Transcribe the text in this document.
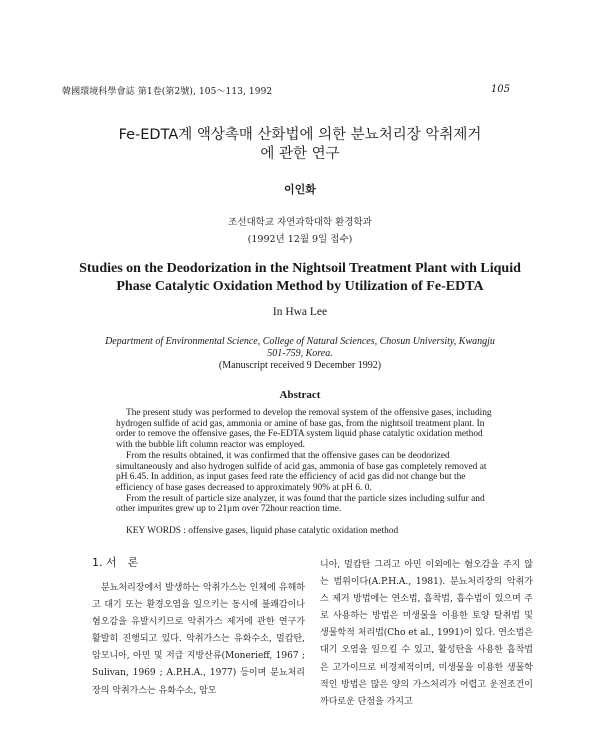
韓國環境科學會誌 第1卷(第2號), 105～113, 1992	105
Fe-EDTA계 액상촉매 산화법에 의한 분뇨처리장 악취제거
에 관한 연구
이인화
조선대학교 자연과학대학 환경학과
(1992년 12월 9일 접수)
Studies on the Deodorization in the Nightsoil Treatment Plant with Liquid
Phase Catalytic Oxidation Method by Utilization of Fe-EDTA
In Hwa Lee
Department of Environmental Science, College of Natural Sciences, Chosun University, Kwangju
501-759, Korea.
(Manuscript received 9 December 1992)
Abstract

The present study was performed to develop the removal system of the offensive gases, including hydrogen sulfide of acid gas, ammonia or amine of base gas, from the nightsoil treatment plant. In order to remove the offensive gases, the Fe-EDTA system liquid phase catalytic oxidation method with the bubble lift column reactor was employed.

From the results obtained, it was confirmed that the offensive gases can be deodorized simultaneously and also hydrogen sulfide of acid gas, ammonia of base gas completely removed at pH 6.45. In addition, as input gases feed rate the efficiency of acid gas did not change but the efficiency of base gases decreased to approximately 90% at pH 6. 0.

From the result of particle size analyzer, it was found that the particle sizes including sulfur and other impurites grew up to 21μm over 72hour reaction time.

KEY WORDS : offensive gases, liquid phase catalytic oxidation method
1. 서　론

분뇨처리장에서 발생하는 악취가스는 인체에 유해하고 대기 또는 환경오염을 일으키는 동시에 불쾌감이나 혐오감을 유발시키므로 악취가스 제거에 관한 연구가 활발히 진행되고 있다. 악취가스는 유화수소, 멀캅탄, 암모니아, 아민 및 저급 지방산류(Monerieff, 1967 ; Sulivan, 1969 ; A.P.H.A., 1977) 등이며 분뇨처리장의 악취가스는 유화수소, 암모

니아, 멀캅탄 그리고 아민 이외에는 혐오감을 주지 않는 범위이다(A.P.H.A., 1981). 분뇨처리장의 악취가스 제거 방법에는 연소법, 흡착법, 흡수법이 있으며 주로 사용하는 방법은 미생물을 이용한 토양 탈취법 및 생물학적 처리법(Cho et al., 1991)이 있다. 연소법은 대기 오염을 일으킬 수 있고, 활성탄을 사용한 흡착법은 고가이므로 비경제적이며, 미생물을 이용한 생물학적인 방법은 많은 양의 가스처리가 어렵고 운전조건이 까다로운 단점을 가지고
